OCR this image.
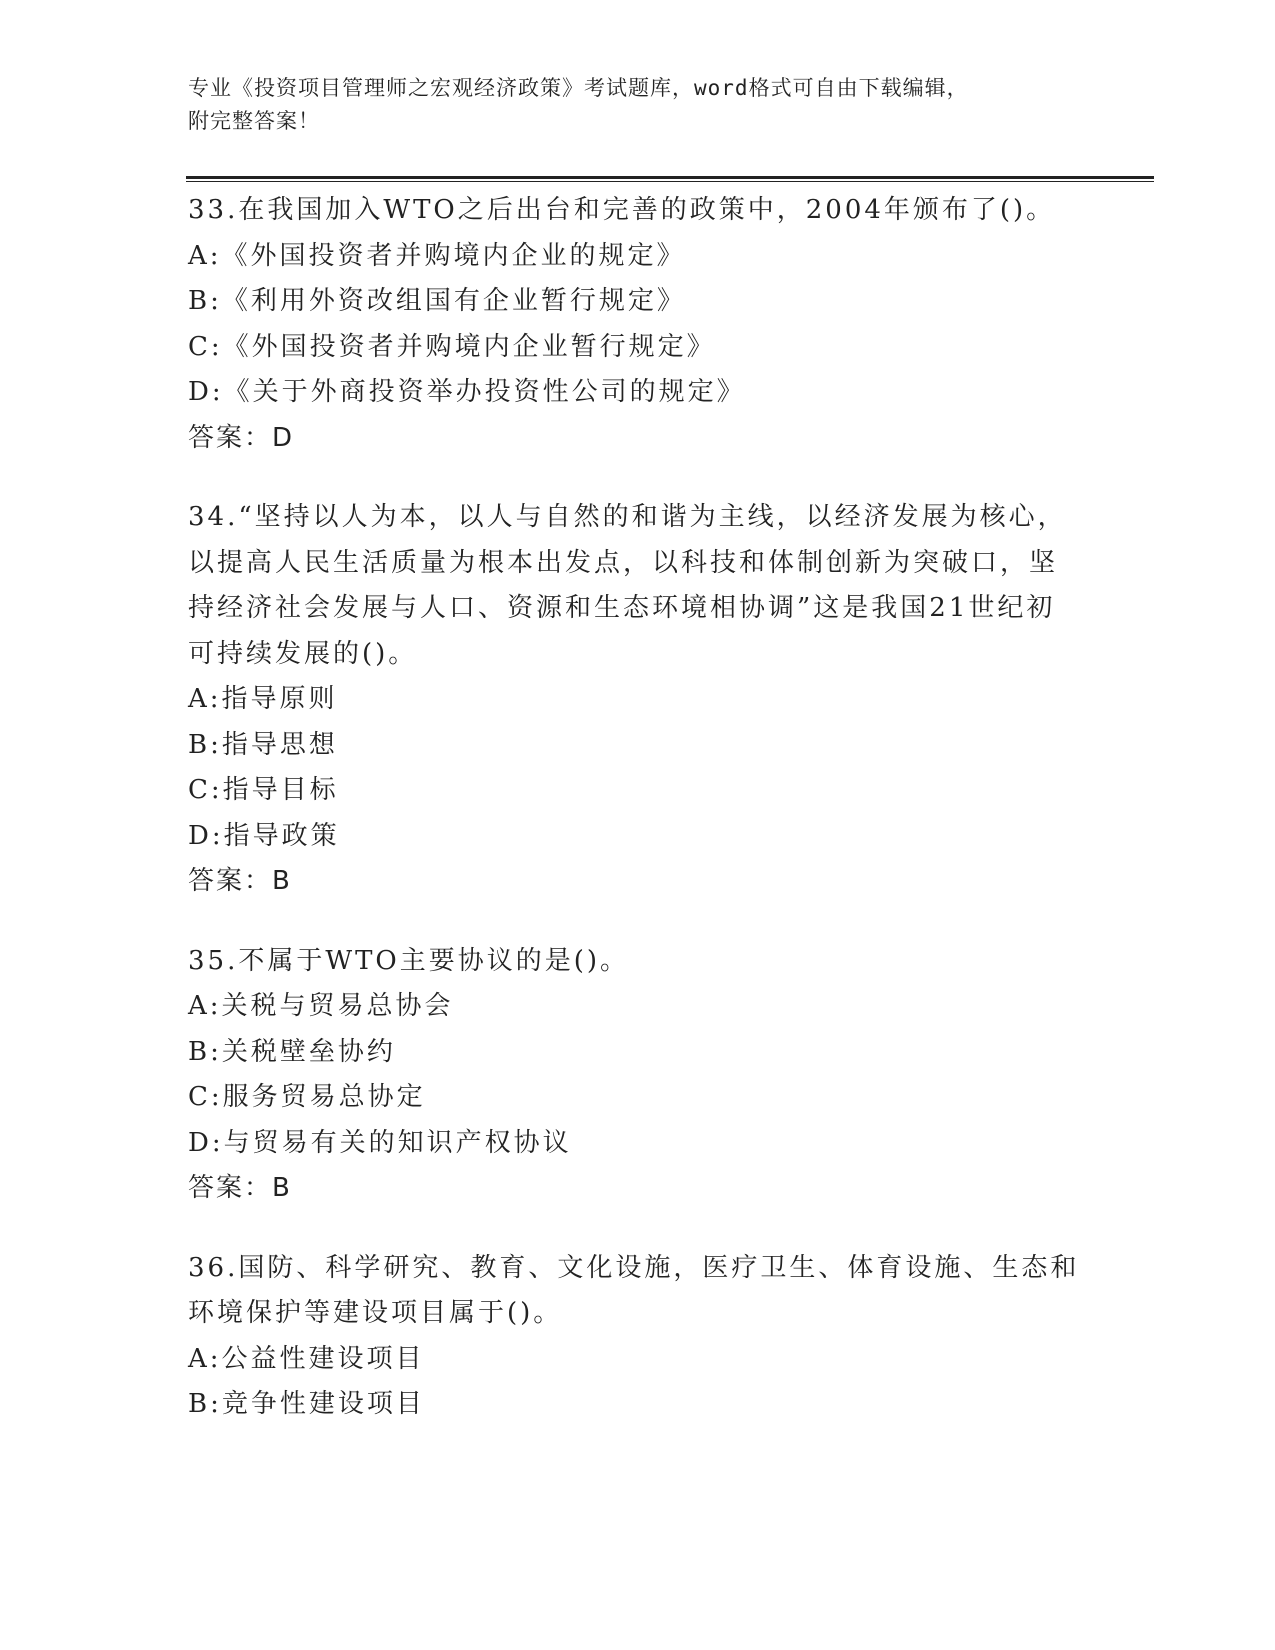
专业《投资项目管理师之宏观经济政策》考试题库，word格式可自由下载编辑，
附完整答案！
33.在我国加入WTO之后出台和完善的政策中，2004年颁布了()。
A:《外国投资者并购境内企业的规定》
B:《利用外资改组国有企业暂行规定》
C:《外国投资者并购境内企业暂行规定》
D:《关于外商投资举办投资性公司的规定》
答案：D
34.“坚持以人为本，以人与自然的和谐为主线，以经济发展为核心，
以提高人民生活质量为根本出发点，以科技和体制创新为突破口，坚
持经济社会发展与人口、资源和生态环境相协调”这是我国21世纪初
可持续发展的()。
A:指导原则
B:指导思想
C:指导目标
D:指导政策
答案：B
35.不属于WTO主要协议的是()。
A:关税与贸易总协会
B:关税壁垒协约
C:服务贸易总协定
D:与贸易有关的知识产权协议
答案：B
36.国防、科学研究、教育、文化设施，医疗卫生、体育设施、生态和
环境保护等建设项目属于()。
A:公益性建设项目
B:竞争性建设项目
